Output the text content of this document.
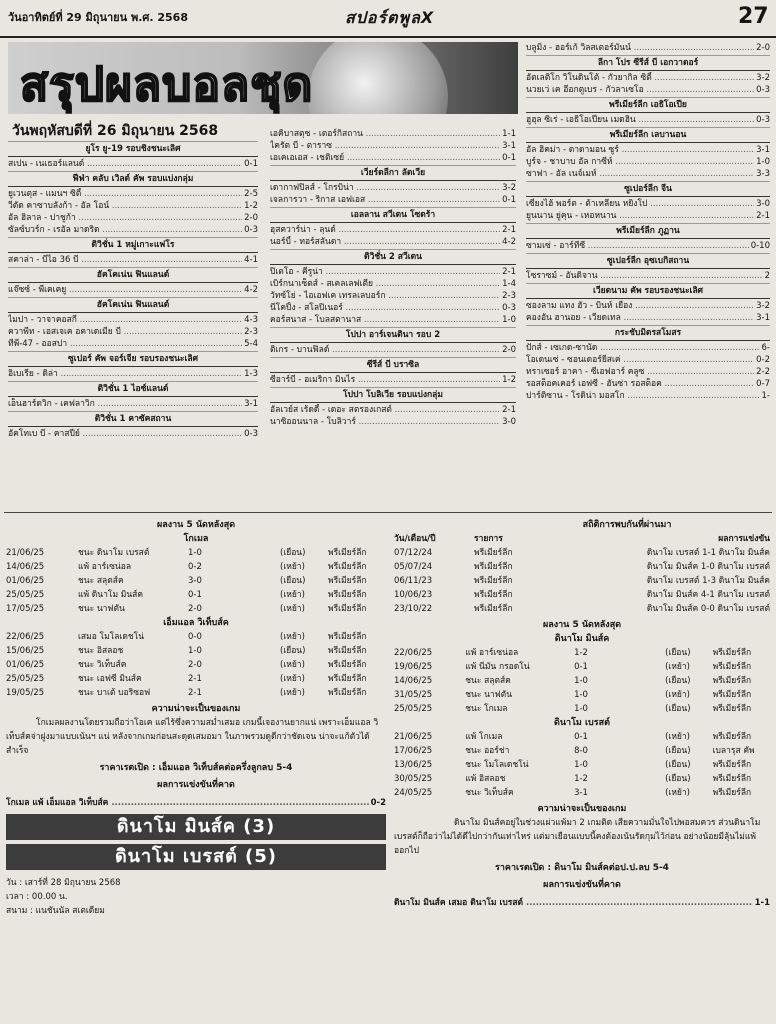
วันอาทิตย์ที่ 29 มิถุนายน พ.ศ. 2568	สปอร์ตพูลX	27
สรุปผลบอลชุด
วันพฤหัสบดีที่ 26 มิถุนายน 2568
ยูโร ยู-19 รอบชิงชนะเลิศ
สเปน - เนเธอร์แลนด์ .....	0-1
ฟีฟ่า คลับ เวิลด์ คัพ รอบแบ่งกลุ่ม
ยูเวนตุส - แมนฯ ซิตี้ .....	2-5
วีดัด คาซาบลังก้า - อัล โอน์ .....	1-2
อัล ฮิลาล - ปาชูก้า .....	2-0
ซัลซ์บวร์ก - เรอัล มาดริด .....	0-3
ดิวิชั่น 1 หมู่เกาะแฟโร
สคาล่า - บีไอ 36 บี .....	4-1
ฮัคโคเน่น ฟินแลนด์
แจ๊ซซ์ - พีเคเคยู .....	4-2
ฮัคโคเน่น ฟินแลนด์
ไมปา - วาจาคอสกี .....	4-3
ควาพีท - เอสเจเค อคาเดเมีย บี .....	2-3
ทีพี-47 - ออสปา .....	5-4
ซูเปอร์ คัพ จอร์เจีย รอบรองชนะเลิศ
อิเบเรีย - ดิล่า .....	1-3
ดิวิชั่น 1 ไอซ์แลนด์
เอ็นฮาร์ดวิก - เคฟลาวิก .....	3-1
ดิวิชั่น 1 คาซัคสถาน
อัคโทเบ บี - คาสปีย์ .....	0-3
เอคิบาสตุซ - เตอร์กิสถาน .....	1-1
ไครัต บี - ตาราซ .....	3-1
เอเคเอเอส - เชติเซย์ .....	0-1
เวียร์ดลีกา ลัตเวีย
เดากาฟปิลส์ - โกรบิน่า .....	3-2
เจลการวา - ริกาส เอฟเอส .....	0-1
เอลลาน สวีเดน โซดร้า
ฮุสควาร์น่า - ลุนด์ .....	2-1
นอร์บี้ - ทอร์สลันดา .....	4-2
ดิวิชั่น 2 สวีเดน
ปิเตโอ - คีรูน่า .....	2-1
เบิร์กนาเซ็ตส์ - สเคลเลฟเตีย .....	1-4
วัทซ์โย่ - ไอเอฟเค เทรลเลบอร์ก .....	2-3
นีโคปิ้ง - สโลปิเนอร์ .....	0-3
คอร์สนาส - โบลสตานาส .....	1-0
โปปา อาร์เจนตินา รอบ 2
ติเกร - บานฟิลด์ .....	2-0
ซีรีส์ บี บราซิล
ซีอาร์บี - อเมริกา มินไร .....	1-2
โปปา โบลิเวีย รอบแบ่งกลุ่ม
อัลเวย์ส เร้ดดี้ - เดอะ สตรองเกสต์ .....	2-1
นาซิออนนาล - โบลิวาร์ .....	3-0
บลูมิ่ง - ฮอร์เก้ วิลสเตอร์มันน์ .....	2-0
ลีกา โปร ซีรีส์ บี เอกวาดอร์
อัตเลติโก วิโนดินโต้ - กัวยากิล ซิตี้ .....	3-2
นวยเว่ เค อีอกตูเบร - กัวลาเซโอ .....	0-3
พรีเมียร์ลีก เอธิโอเปีย
ฮูฮุล ซิเร่ - เอธิโอเปียน เมดฮิน .....	0-3
พรีเมียร์ลีก เลบานอน
อัล ฮิคม่า - ตาดามอน ซูร์ .....	3-1
บูร์จ - ชาบาบ อัล กาซีห์ .....	1-0
ซาฟา - อัล เนจ์เมห์ .....	3-3
ซูเปอร์ลีก จีน
เซี่ยงไฮ้ พอร์ต - ต้าเหลียน หยิงโป .....	3-0
ยูนนาน ยู่คุน - เหอหนาน .....	2-1
พรีเมียร์ลีก ภูฏาน
ซามเซ่ - อาร์ทีซี .....	0-10
ซูเปอร์ลีก อุซเบกิสถาน
โซราซม์ - อันดิจาน .....	2
เวียดนาม คัพ รอบรองชนะเลิศ
ซองลาม แทง ฮัว - บินห์ เยือง .....	3-2
คองอัน ฮานอย - เวียดเทล .....	3-1
กระชับมิตรสโมสร
ปักส์ - เซเกด-ซานัด .....	6-
โอเดนเซ่ - ซอนเดอร์ยีสเค่ .....	0-2
ทราเซอร์ อาคา - ซีเอฟอาร์ คลูซ .....	2-2
รอสต็อคเคอร์ เอฟซี - ฮันซ่า รอสต็อค .....	0-7
ปาร์ติซาน - โรดิน่า มอสโก .....	1-
ผลงาน 5 นัดหลังสุด
โกเมล
21/06/25	ชนะ ดินาโม เบรสต์	1-0	(เยือน)	พรีเมียร์ลีก
14/06/25	แพ้ อาร์เซน่อล	0-2	(เหย้า)	พรีเมียร์ลีก
01/06/25	ชนะ สลุตส์ค	3-0	(เยือน)	พรีเมียร์ลีก
25/05/25	แพ้ ดินาโม มินส์ค	0-1	(เหย้า)	พรีเมียร์ลีก
17/05/25	ชนะ นาฟตัน	2-0	(เหย้า)	พรีเมียร์ลีก
เอ็มแอล วิเท็บส์ค
22/06/25	เสมอ โมโลเดชโน่	0-0	(เหย้า)	พรีเมียร์ลีก
15/06/25	ชนะ อิสลอช	1-0	(เยือน)	พรีเมียร์ลีก
01/06/25	ชนะ วิเท็บส์ค	2-0	(เหย้า)	พรีเมียร์ลีก
25/05/25	ชนะ เอฟซี มินส์ค	2-1	(เหย้า)	พรีเมียร์ลีก
19/05/25	ชนะ บาเต้ บอริซอฟ	2-1	(เหย้า)	พรีเมียร์ลีก
ความน่าจะเป็นของเกม
โกเมลผลงานโดยรวมถือว่าโอเค แต่ไร้ซึ่งความสม่ำเสมอ เกมนี้เจองานยากแน่ เพราะเอ็มแอล วิเท็บส์คจ่าฝูงมาแบบเน้นฯ แน่ หลังจากเกมก่อนสะดุดเสมอมา ในภาพรวมดูดีกว่าชัดเจน น่าจะแก้ตัวได้สำเร็จ
ราคาเรตเปิด : เอ็มแอล วิเท็บส์คต่อครึ่งลูกลบ 5-4
ผลการแข่งขันที่คาด
โกเมล แพ้ เอ็มแอล วิเท็บส์ค .....	0-2
ดินาโม มินส์ค (3)
ดินาโม เบรสต์ (5)
วัน : เสาร์ที่ 28 มิถุนายน 2568
เวลา : 00.00 น.
สนาม : แนชันนัล สเตเดียม
สถิติการพบกันที่ผ่านมา
วัน/เดือน/ปี	รายการ	ผลการแข่งขัน
07/12/24	พรีเมียร์ลีก	ดินาโม เบรสต์ 1-1 ดินาโม มินส์ค
05/07/24	พรีเมียร์ลีก	ดินาโม มินส์ค 1-0 ดินาโม เบรสต์
06/11/23	พรีเมียร์ลีก	ดินาโม เบรสต์ 1-3 ดินาโม มินส์ค
10/06/23	พรีเมียร์ลีก	ดินาโม มินส์ค 4-1 ดินาโม เบรสต์
23/10/22	พรีเมียร์ลีก	ดินาโม มินส์ค 0-0 ดินาโม เบรสต์
ผลงาน 5 นัดหลังสุด
ดินาโม มินส์ค
22/06/25	แพ้ อาร์เซน่อล	1-2	(เยือน)	พรีเมียร์ลีก
19/06/25	แพ้ นีมัน กรอดโน่	0-1	(เหย้า)	พรีเมียร์ลีก
14/06/25	ชนะ สลุตส์ค	1-0	(เยือน)	พรีเมียร์ลีก
31/05/25	ชนะ นาฟตัน	1-0	(เหย้า)	พรีเมียร์ลีก
25/05/25	ชนะ โกเมล	1-0	(เยือน)	พรีเมียร์ลีก
ดินาโม เบรสต์
21/06/25	แพ้ โกเมล	0-1	(เหย้า)	พรีเมียร์ลีก
17/06/25	ชนะ ออร์ช่า	8-0	(เยือน)	เบลารุส คัพ
13/06/25	ชนะ โมโลเดชโน่	1-0	(เยือน)	พรีเมียร์ลีก
30/05/25	แพ้ อิสลอช	1-2	(เยือน)	พรีเมียร์ลีก
24/05/25	ชนะ วิเท็บส์ค	3-1	(เหย้า)	พรีเมียร์ลีก
ความน่าจะเป็นของเกม
ดินาโม มินส์คอยู่ในช่วงแผ่วแพ้มา 2 เกมติด เสียความมั่นใจไปพอสมควร ส่วนดินาโม เบรสต์ก็ถือว่าไม่ได้ดีไปกว่ากันเท่าไหร่ แต่มาเยือนแบบนี้คงต้องเน้นรัดกุมไว้ก่อน อย่างน้อยมีลุ้นไม่แพ้ออกไป
ราคาเรตเปิด : ดินาโม มินส์คต่อป.ป.ลบ 5-4
ผลการแข่งขันที่คาด
ดินาโม มินส์ค เสมอ ดินาโม เบรสต์ .....	1-1
